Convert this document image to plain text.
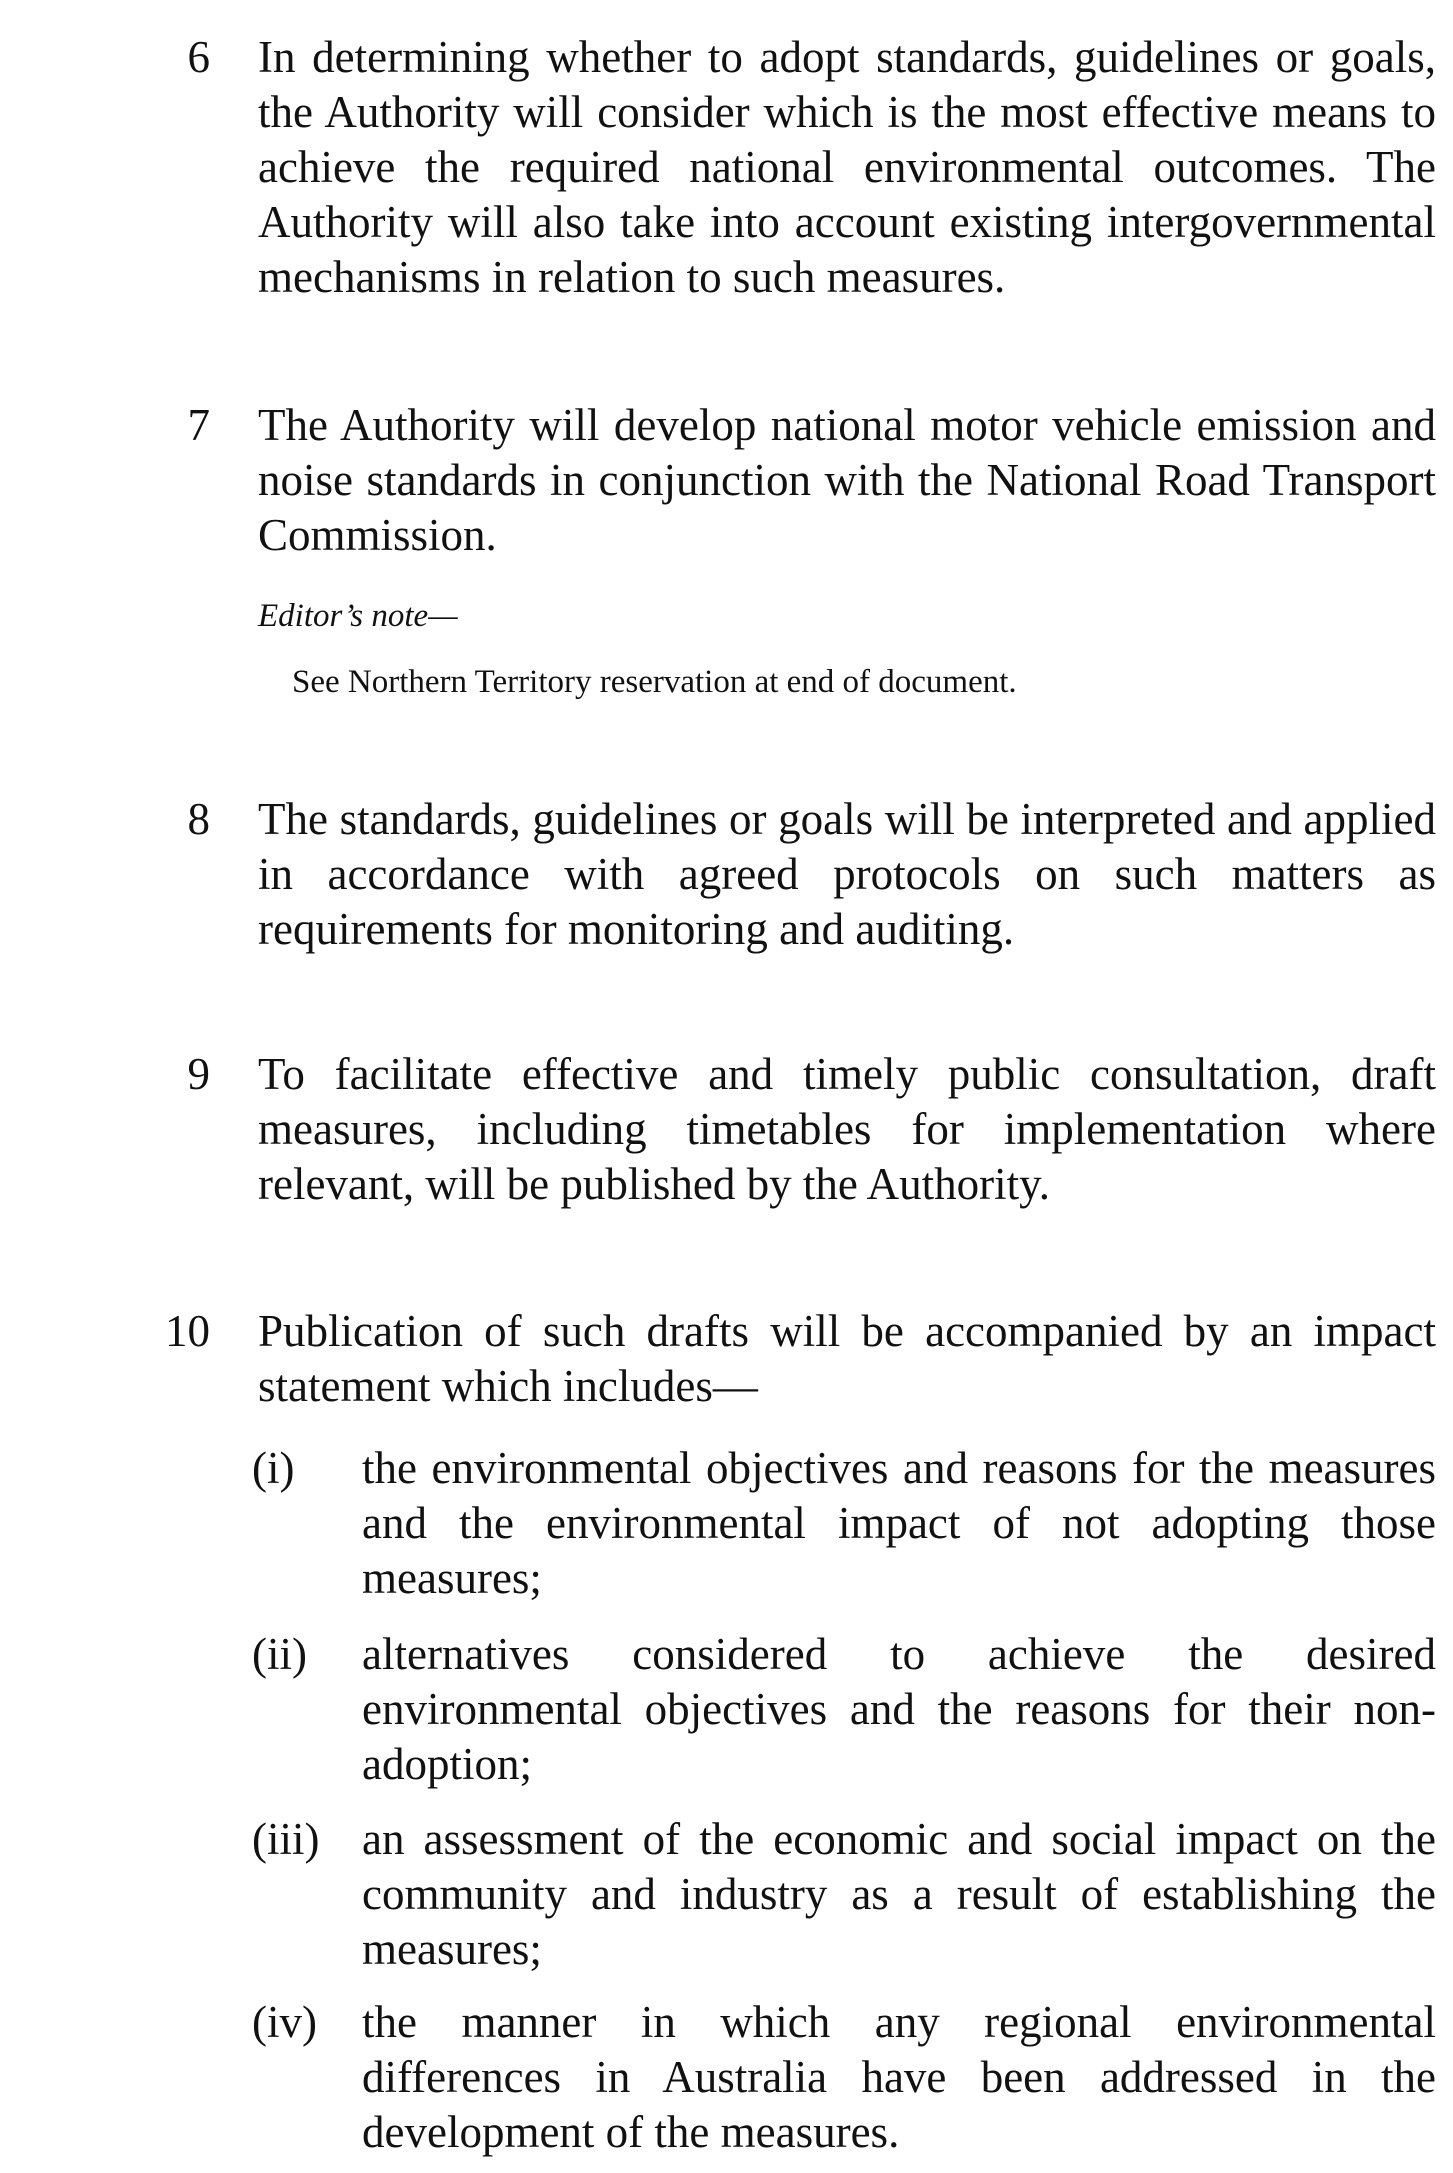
6 In determining whether to adopt standards, guidelines or goals, the Authority will consider which is the most effective means to achieve the required national environmental outcomes. The Authority will also take into account existing intergovernmental mechanisms in relation to such measures.
7 The Authority will develop national motor vehicle emission and noise standards in conjunction with the National Road Transport Commission.
Editor’s note—
See Northern Territory reservation at end of document.
8 The standards, guidelines or goals will be interpreted and applied in accordance with agreed protocols on such matters as requirements for monitoring and auditing.
9 To facilitate effective and timely public consultation, draft measures, including timetables for implementation where relevant, will be published by the Authority.
10 Publication of such drafts will be accompanied by an impact statement which includes—
(i) the environmental objectives and reasons for the measures and the environmental impact of not adopting those measures;
(ii) alternatives considered to achieve the desired environmental objectives and the reasons for their non-adoption;
(iii) an assessment of the economic and social impact on the community and industry as a result of establishing the measures;
(iv) the manner in which any regional environmental differences in Australia have been addressed in the development of the measures.
